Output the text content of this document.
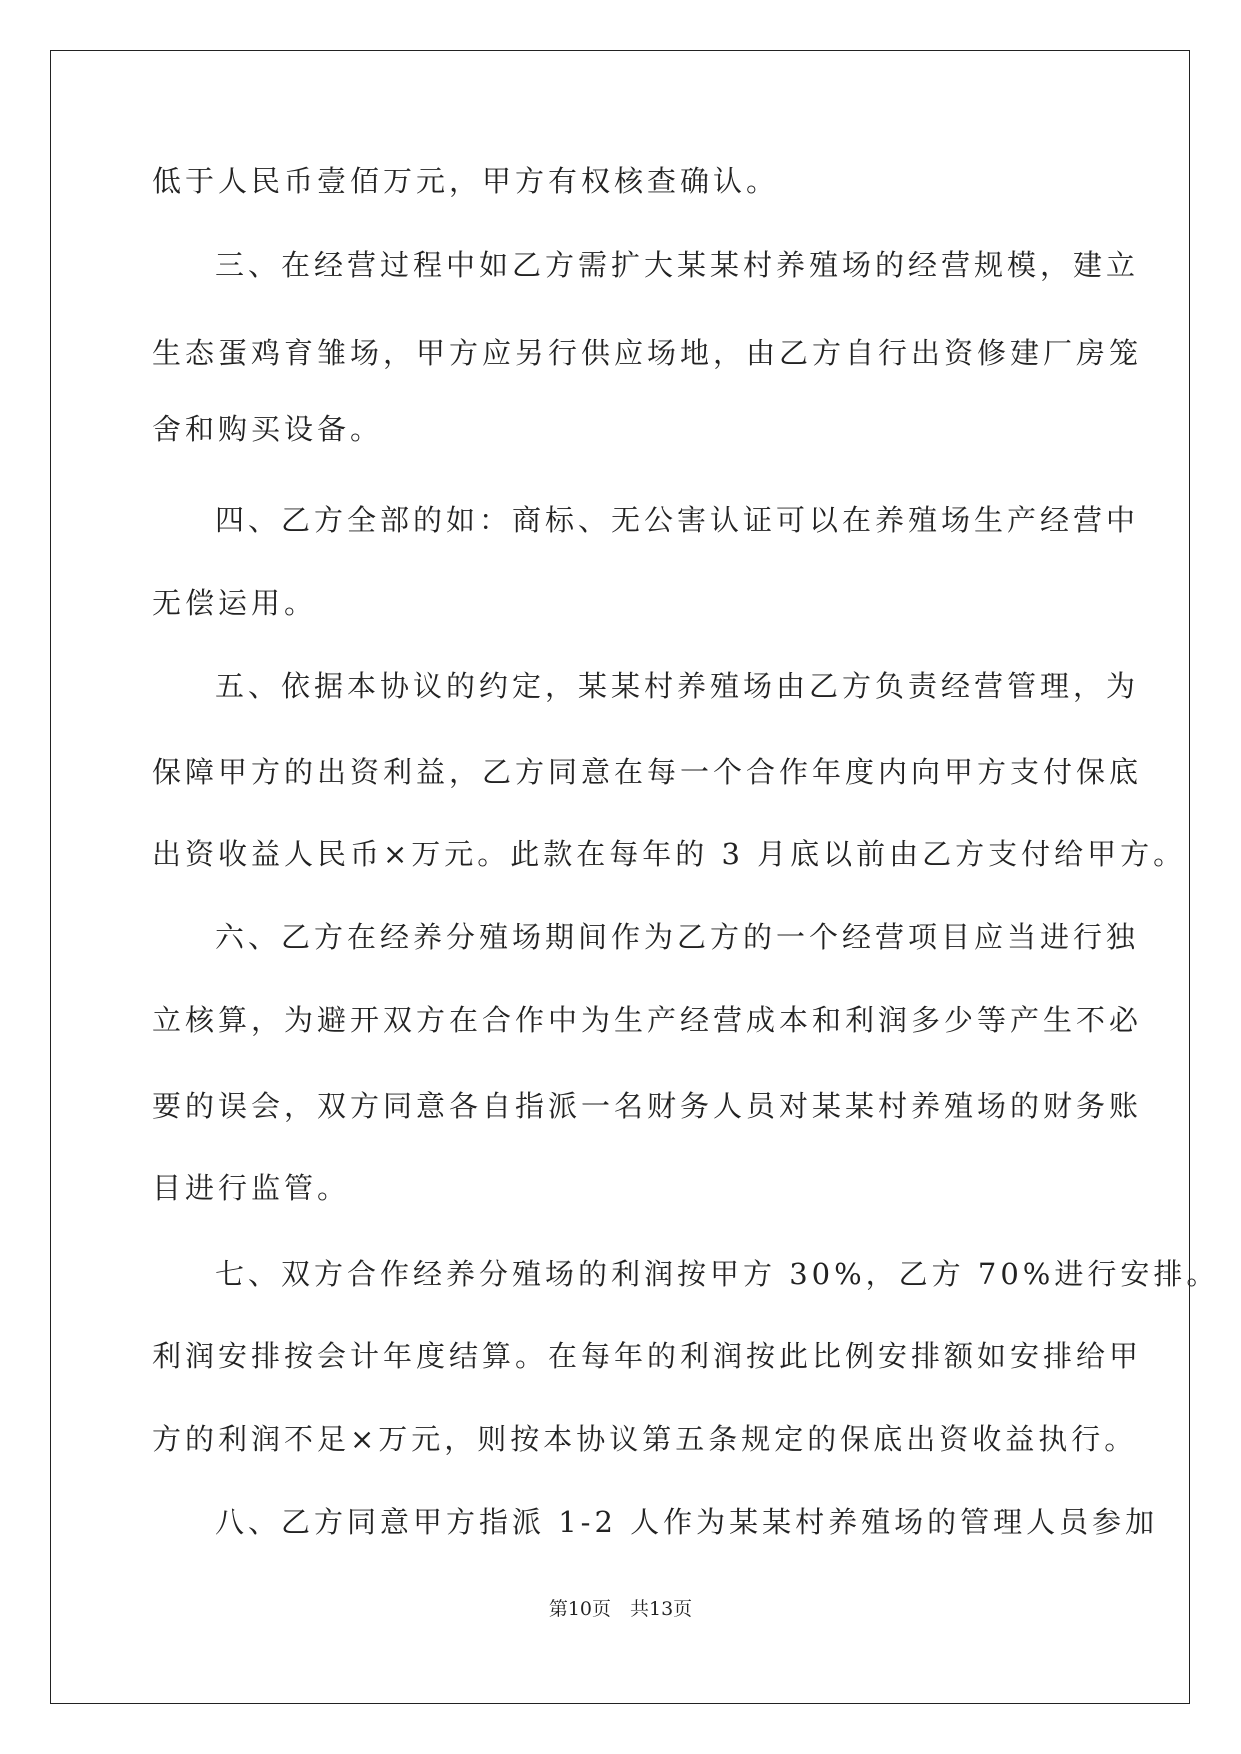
低于人民币壹佰万元，甲方有权核查确认。
三、在经营过程中如乙方需扩大某某村养殖场的经营规模，建立
生态蛋鸡育雏场，甲方应另行供应场地，由乙方自行出资修建厂房笼
舍和购买设备。
四、乙方全部的如：商标、无公害认证可以在养殖场生产经营中
无偿运用。
五、依据本协议的约定，某某村养殖场由乙方负责经营管理，为
保障甲方的出资利益，乙方同意在每一个合作年度内向甲方支付保底
出资收益人民币×万元。此款在每年的 3 月底以前由乙方支付给甲方。
六、乙方在经养分殖场期间作为乙方的一个经营项目应当进行独
立核算，为避开双方在合作中为生产经营成本和利润多少等产生不必
要的误会，双方同意各自指派一名财务人员对某某村养殖场的财务账
目进行监管。
七、双方合作经养分殖场的利润按甲方 30%，乙方 70%进行安排。
利润安排按会计年度结算。在每年的利润按此比例安排额如安排给甲
方的利润不足×万元，则按本协议第五条规定的保底出资收益执行。
八、乙方同意甲方指派 1-2 人作为某某村养殖场的管理人员参加
第10页　共13页
